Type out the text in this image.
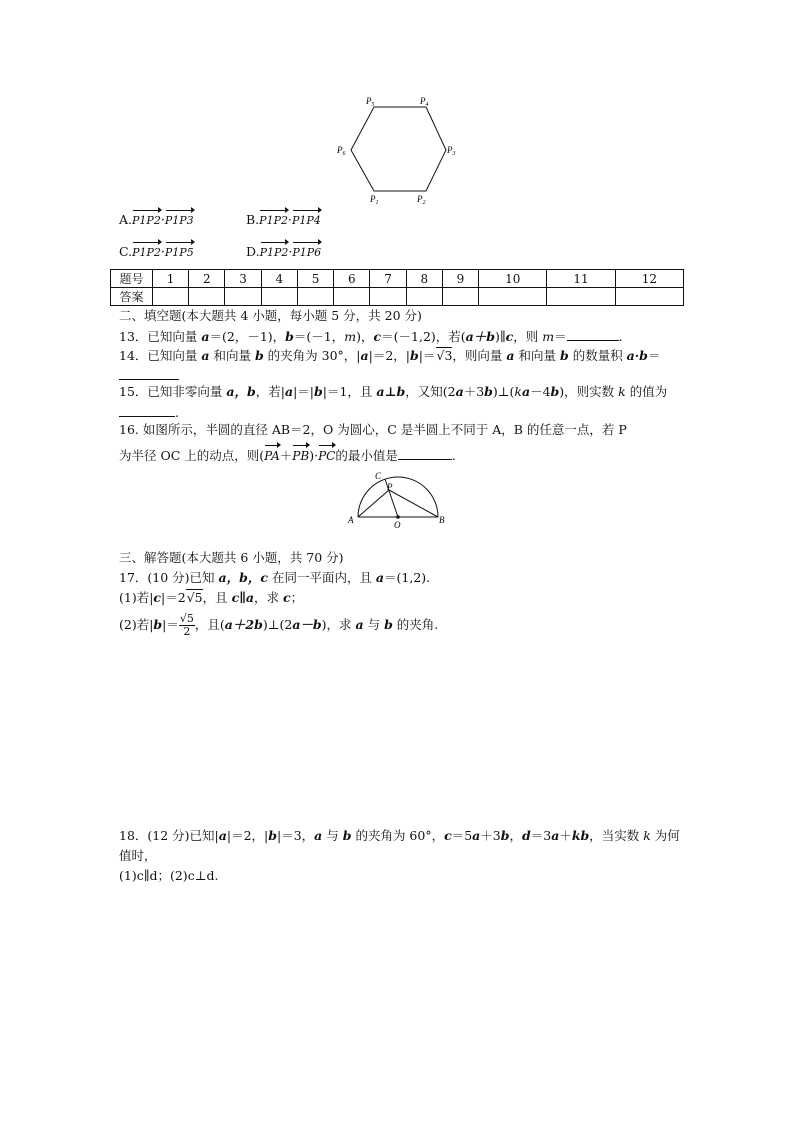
$P_5$	$P_4$
$P_6$	$P_3$
$P_1$	$P_2$
A.P1P2·P1P3	B.P1P2·P1P4
C.P1P2·P1P5	D.P1P2·P1P6
题号	1	2	3	4	5	6	7	8	9	10	11	12
答案												
二、填空题(本大题共 4 小题，每小题 5 分，共 20 分)
13．已知向量 a＝(2，－1)，b＝(－1，m)，c＝(－1,2)，若(a＋b)∥c，则 m＝	.
14．已知向量 a 和向量 b 的夹角为 30°，|a|＝2，|b|＝√3，则向量 a 和向量 b 的数量积 a·b＝
15．已知非零向量 a，b，若|a|＝|b|＝1，且 a⊥b，又知(2a＋3b)⊥(ka－4b)，则实数 k 的值为
.
16. 如图所示，半圆的直径 AB＝2，O 为圆心，C 是半圆上不同于 A，B 的任意一点，若 P
为半径 OC 上的动点，则(PA＋PB)·PC的最小值是	.
C
P
A	O	B
三、解答题(本大题共 6 小题，共 70 分)
17．(10 分)已知 a，b，c 在同一平面内，且 a＝(1,2).
(1)若|c|＝2√5，且 c∥a，求 c；
(2)若$|b|= \frac{√5}{2}$ ，且(a＋2b)⊥(2a－b)，求 a 与 b 的夹角.
18．(12 分)已知|a|＝2，|b|＝3，a 与 b 的夹角为 60°，c＝5a＋3b，d＝3a＋kb，当实数 k 为何
值时，
(1)c∥d；(2)c⊥d.
